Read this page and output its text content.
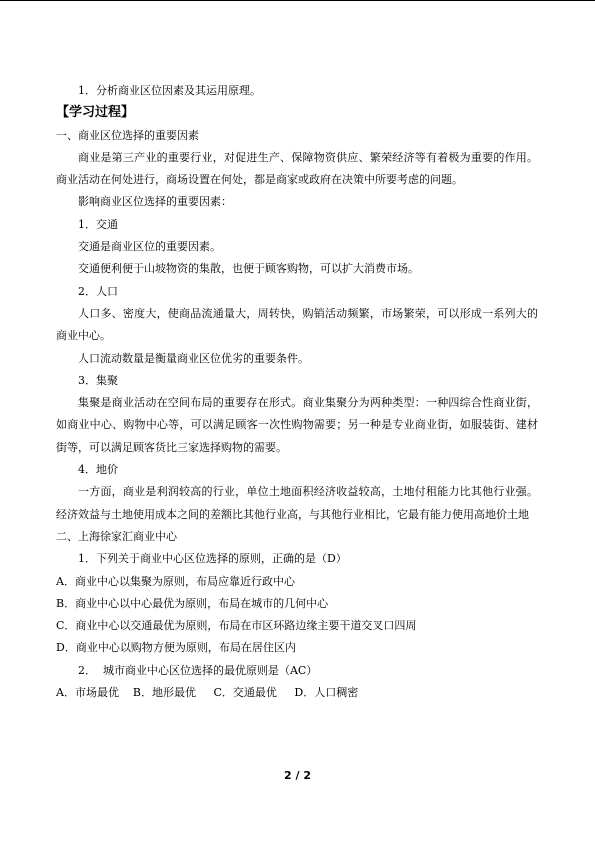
1．分析商业区位因素及其运用原理。
【学习过程】
一、商业区位选择的重要因素
商业是第三产业的重要行业，对促进生产、保障物资供应、繁荣经济等有着极为重要的作用。商业活动在何处进行，商场设置在何处，都是商家或政府在决策中所要考虑的问题。
影响商业区位选择的重要因素：
1．交通
交通是商业区位的重要因素。
交通便利便于山坡物资的集散，也便于顾客购物，可以扩大消费市场。
2．人口
人口多、密度大，使商品流通量大，周转快，购销活动频繁，市场繁荣，可以形成一系列大的商业中心。
人口流动数量是衡量商业区位优劣的重要条件。
3．集聚
集聚是商业活动在空间布局的重要存在形式。商业集聚分为两种类型：一种四综合性商业街，如商业中心、购物中心等，可以满足顾客一次性购物需要；另一种是专业商业街，如服装街、建材街等，可以满足顾客货比三家选择购物的需要。
4．地价
一方面，商业是利润较高的行业，单位土地面积经济收益较高，土地付租能力比其他行业强。经济效益与土地使用成本之间的差额比其他行业高，与其他行业相比，它最有能力使用高地价土地
二、上海徐家汇商业中心
1．下列关于商业中心区位选择的原则，正确的是（D）
A．商业中心以集聚为原则，布局应靠近行政中心
B．商业中心以中心最优为原则，布局在城市的几何中心
C．商业中心以交通最优为原则，布局在市区环路边缘主要干道交叉口四周
D．商业中心以购物方便为原则，布局在居住区内
2．  城市商业中心区位选择的最优原则是（AC）
A．市场最优    B．地形最优     C．交通最优     D．人口稠密
2 / 2
